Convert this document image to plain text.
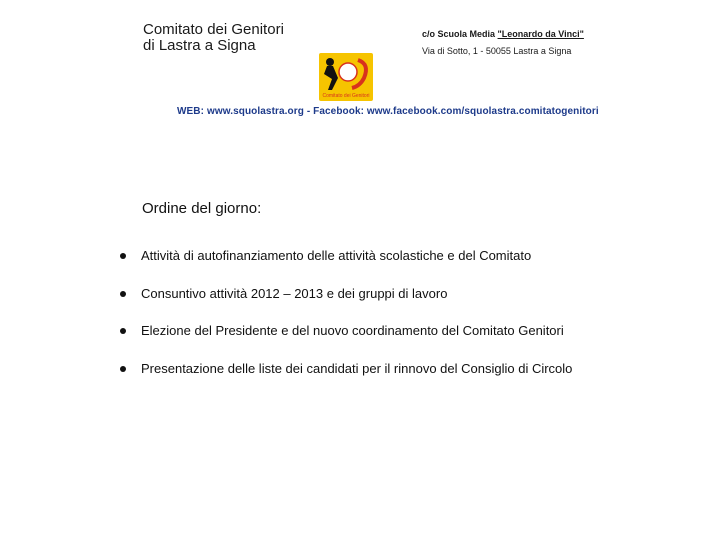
Comitato dei Genitori
di Lastra a Signa
c/o Scuola Media "Leonardo da Vinci"
Via di Sotto, 1 - 50055 Lastra a Signa
Comitato dei Genitori
WEB: www.squolastra.org - Facebook: www.facebook.com/squolastra.comitatogenitori
Ordine del giorno:
Attività di autofinanziamento delle attività scolastiche e del Comitato
Consuntivo attività 2012 – 2013 e dei gruppi di lavoro
Elezione del Presidente e del nuovo coordinamento del Comitato Genitori
Presentazione delle liste dei candidati per il rinnovo del Consiglio di Circolo
